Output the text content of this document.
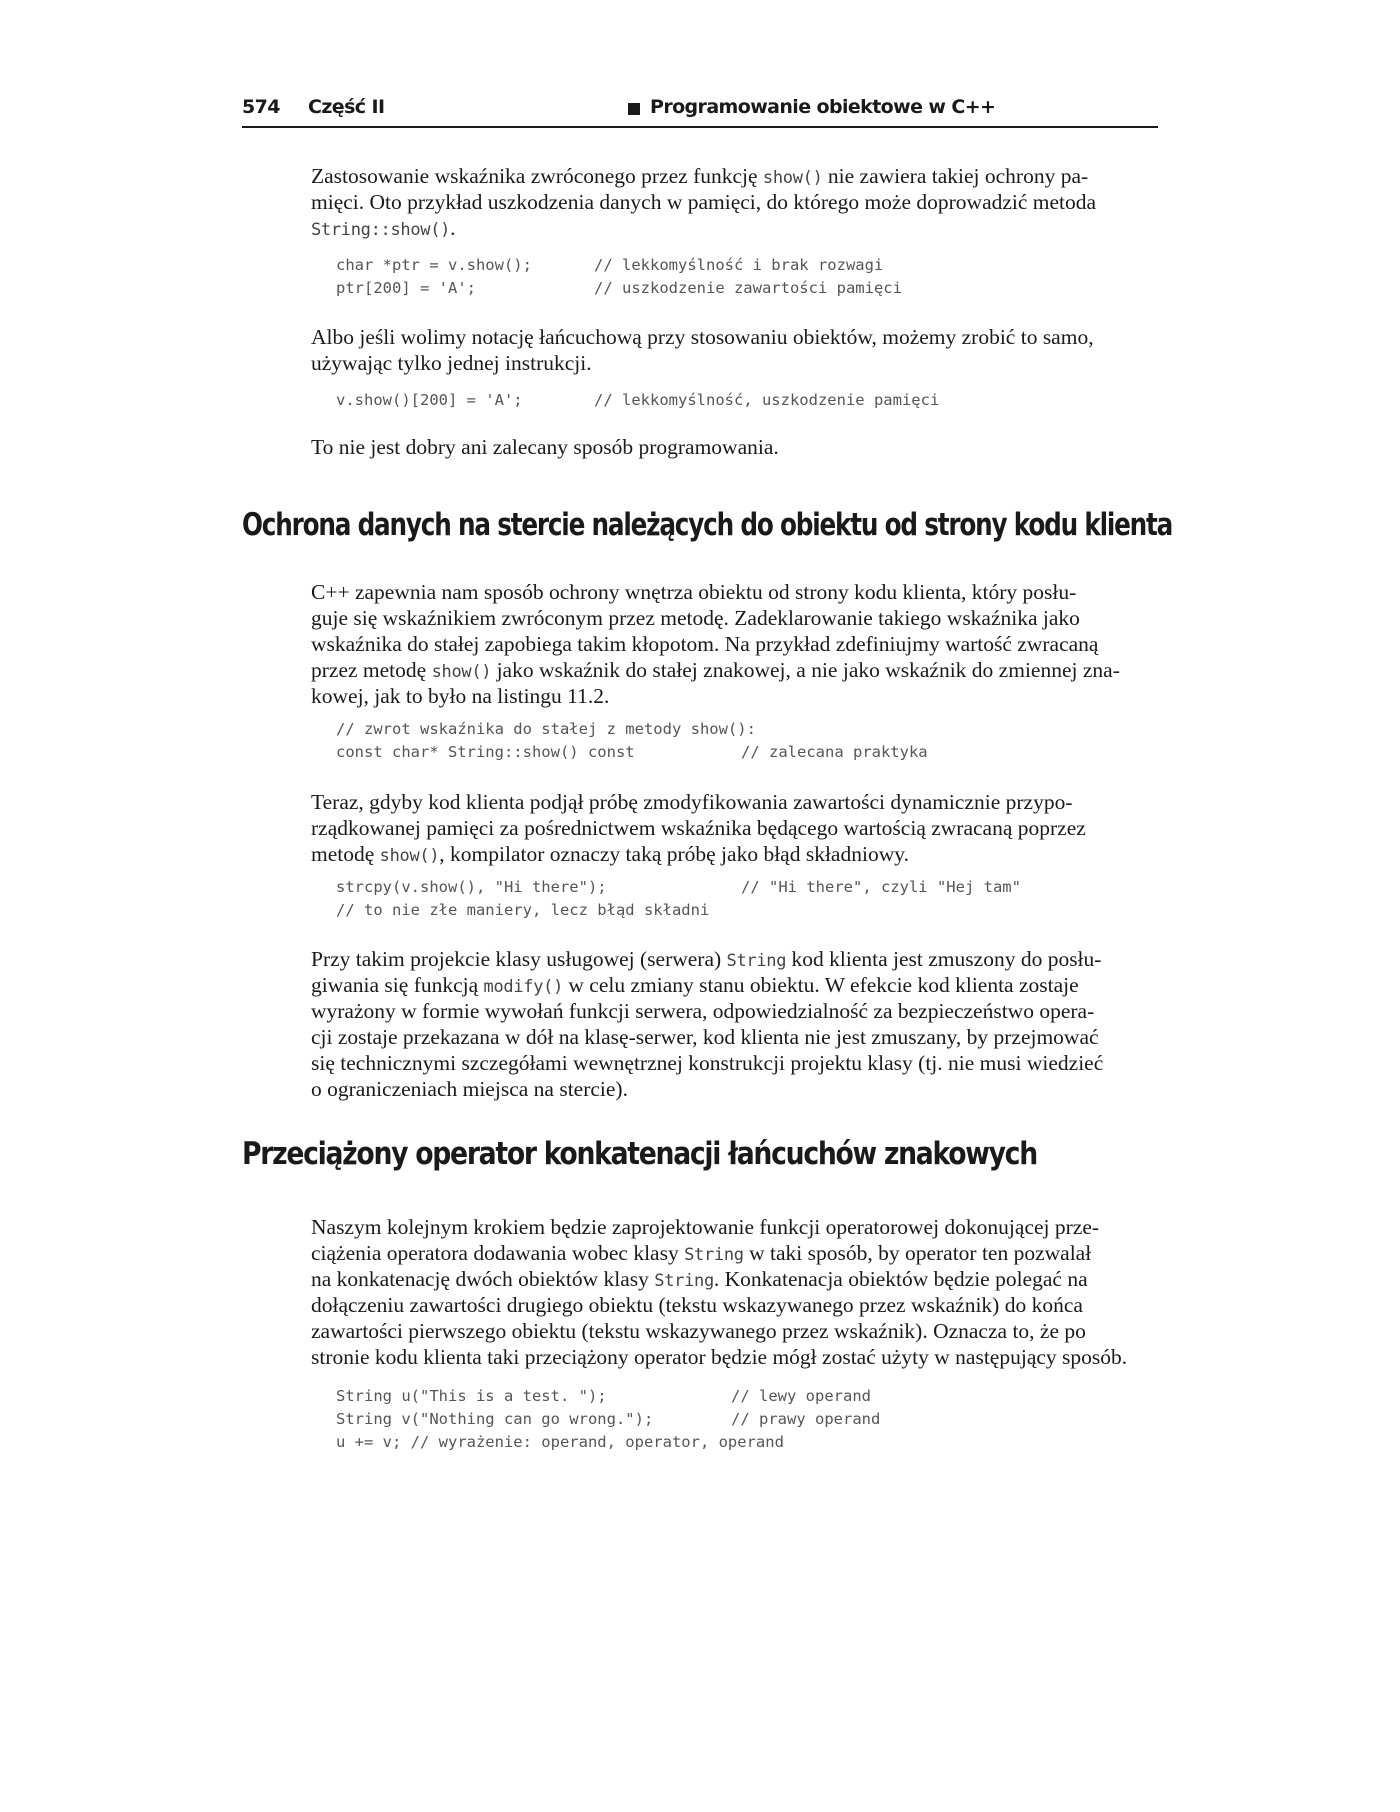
574 Część II	Programowanie obiektowe w C++
Zastosowanie wskaźnika zwróconego przez funkcję show() nie zawiera takiej ochrony pa-
mięci. Oto przykład uszkodzenia danych w pamięci, do którego może doprowadzić metoda
String::show().
char *ptr = v.show();	// lekkomyślność i brak rozwagi
ptr[200] = 'A';	// uszkodzenie zawartości pamięci
Albo jeśli wolimy notację łańcuchową przy stosowaniu obiektów, możemy zrobić to samo,
używając tylko jednej instrukcji.
v.show()[200] = 'A';	// lekkomyślność, uszkodzenie pamięci
To nie jest dobry ani zalecany sposób programowania.
Ochrona danych na stercie należących do obiektu od strony kodu klienta
C++ zapewnia nam sposób ochrony wnętrza obiektu od strony kodu klienta, który posłu-
guje się wskaźnikiem zwróconym przez metodę. Zadeklarowanie takiego wskaźnika jako
wskaźnika do stałej zapobiega takim kłopotom. Na przykład zdefiniujmy wartość zwracaną
przez metodę show() jako wskaźnik do stałej znakowej, a nie jako wskaźnik do zmiennej zna-
kowej, jak to było na listingu 11.2.
// zwrot wskaźnika do stałej z metody show():
const char* String::show() const	// zalecana praktyka
Teraz, gdyby kod klienta podjął próbę zmodyfikowania zawartości dynamicznie przypo-
rządkowanej pamięci za pośrednictwem wskaźnika będącego wartością zwracaną poprzez
metodę show(), kompilator oznaczy taką próbę jako błąd składniowy.
strcpy(v.show(), "Hi there");	// "Hi there", czyli "Hej tam"
// to nie złe maniery, lecz błąd składni
Przy takim projekcie klasy usługowej (serwera) String kod klienta jest zmuszony do posłu-
giwania się funkcją modify() w celu zmiany stanu obiektu. W efekcie kod klienta zostaje
wyrażony w formie wywołań funkcji serwera, odpowiedzialność za bezpieczeństwo opera-
cji zostaje przekazana w dół na klasę-serwer, kod klienta nie jest zmuszany, by przejmować
się technicznymi szczegółami wewnętrznej konstrukcji projektu klasy (tj. nie musi wiedzieć
o ograniczeniach miejsca na stercie).
Przeciążony operator konkatenacji łańcuchów znakowych
Naszym kolejnym krokiem będzie zaprojektowanie funkcji operatorowej dokonującej prze-
ciążenia operatora dodawania wobec klasy String w taki sposób, by operator ten pozwalał
na konkatenację dwóch obiektów klasy String. Konkatenacja obiektów będzie polegać na
dołączeniu zawartości drugiego obiektu (tekstu wskazywanego przez wskaźnik) do końca
zawartości pierwszego obiektu (tekstu wskazywanego przez wskaźnik). Oznacza to, że po
stronie kodu klienta taki przeciążony operator będzie mógł zostać użyty w następujący sposób.
String u("This is a test. ");	// lewy operand
String v("Nothing can go wrong.");	// prawy operand
u += v; // wyrażenie: operand, operator, operand
